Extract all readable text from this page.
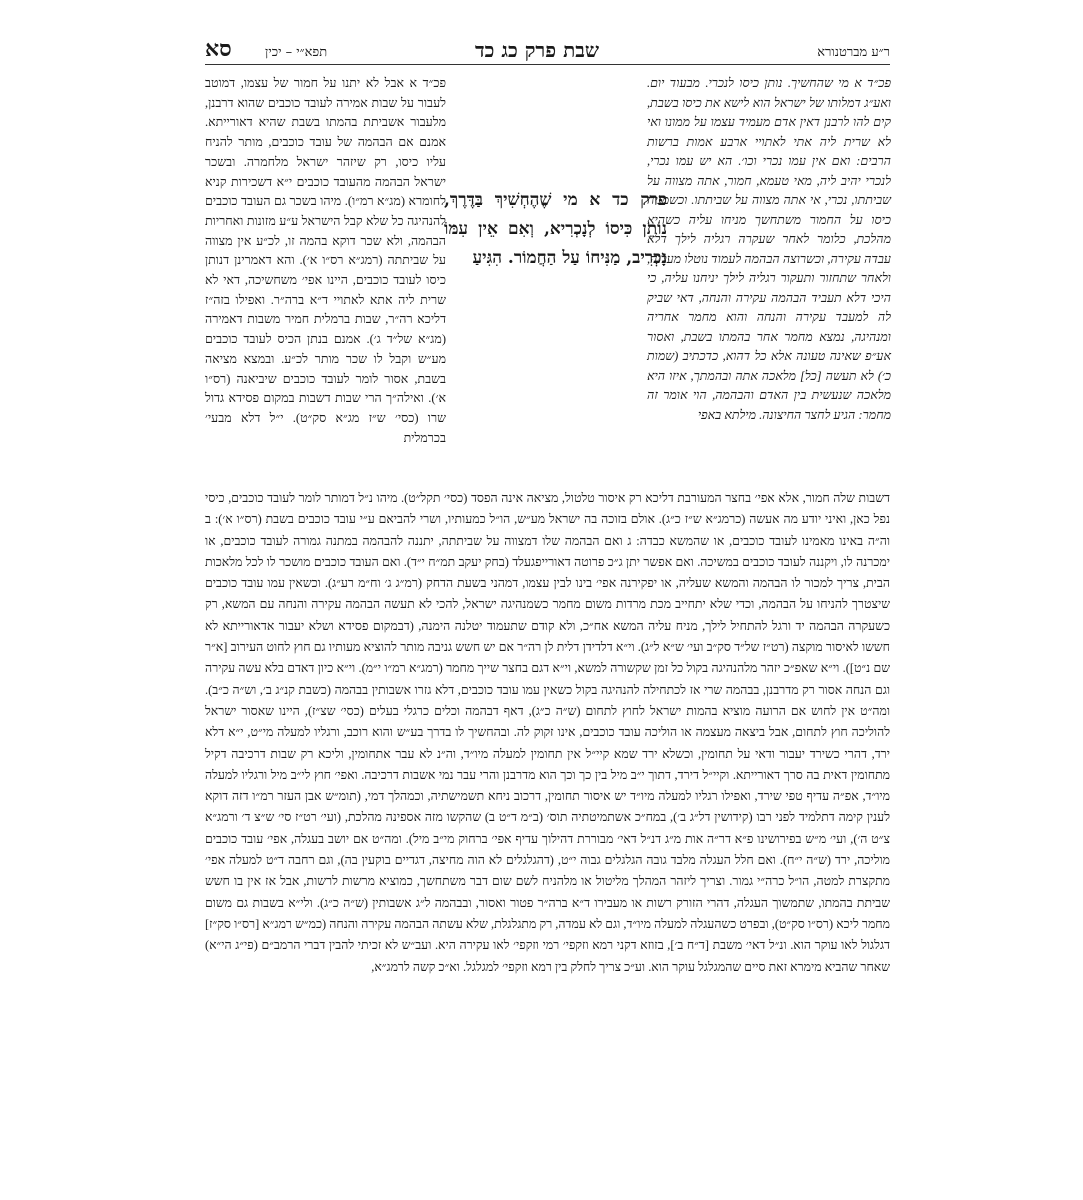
ר״ע מברטנורא
שבת פרק כג כד
תפא״י – יכין
סא

פכ״ד א מי שהחשיך. נותן כיסו לנכרי. מבעוד יום. ואע״ג דמלותו של ישראל הוא לישא את כיסו בשבת, קים להו לרבנן דאין אדם מעמיד עצמו על ממונו ואי לא שרית ליה אתי לאתויי ארבע אמות ברשות הרבים: ואם אין עמו נכרי וכו׳. הא יש עמו נכרי, לנכרי יהיב ליה, מאי טעמא, חמור, אתה מצווה על שביתתו, נכרי, אי אתה מצווה על שביתתו. וכשמניח כיסו על החמור משתחשך מניחו עליה כשהיא מהלכת, כלומר לאחר שעקרה רגליה לילך דלא עבדה עקירה, וכשרוצה הבהמה לעמוד נוטלו מעליה, ולאחר שתחזור ותעקור רגליה לילך יניחנו עליה, כי היכי דלא תעביד הבהמה עקירה והנחה, דאי שביק לה למעבד עקירה והנחה והוא מחמר אחריה ומנהיגה, נמצא מחמר אחר בהמתו בשבת, ואסור אע״פ שאינה טעונה אלא כל דהוא, כדכתיב (שמות כ׳) לא תעשה [כל] מלאכה אתה ובהמתך, איזו היא מלאכה שנעשית בין האדם והבהמה, הוי אומר זה מחמר: הגיע לחצר החיצונה. מילתא באפי

פרק כד א מי שֶׁהֶחְשִׁיךְ בַּדֶּרֶךְ, נוֹתֵן כִּיסוֹ לְנָכְרִיא, וְאִם אֵין עִמּוֹ נָכְרִיב, מַנִּיחוֹ עַל הַחֲמוֹר. הִגִּיעַ

פכ״ד א אבל לא יתנו על חמור של עצמו, דמוטב לעבור על שבות אמירה לעובד כוכבים שהוא דרבנן, מלעבור אשביתת בהמתו בשבת שהיא דאורייתא. אמנם אם הבהמה של עובד כוכבים, מותר להניח עליו כיסו, רק שיזהר ישראל מלחמרה. ובשכר ישראל הבהמה מהעובד כוכבים י״א דשכירות קניא לחומרא (מג״א רמ״ו). מיהו בשכר גם העובד כוכבים להנהיגה כל שלא קבל הישראל ע״ע מזונות ואחריות הבהמה, ולא שכר דוקא בהמה זו, לכ״ע אין מצווה על שביתתה (רמג״א רס״ו א׳). והא דאמרינן דנותן כיסו לעובד כוכבים, היינו אפי׳ משחשיכה, דאי לא שרית ליה אתא לאתויי ד״א ברה״ר. ואפילו בזה״ז דליכא רה״ר, שבות ברמלית חמיר משבות דאמירה (מג״א של״ד ג׳). אמנם בנתן הכיס לעובד כוכבים מע״ש וקבל לו שכר מותר לכ״ע. ובמצא מציאה בשבת, אסור לומר לעובד כוכבים שיביאנה (רס״ו א׳). ואילה״ך הרי שבות דשבות במקום פסידא גדול שרו (כסי׳ ש״ז מג״א סק״ט). י״ל דלא מבעי׳ בכרמלית

דשבות שלה חמור, אלא אפי׳ בחצר המעורבת דליכא רק איסור טלטול, מציאה אינה הפסד (כסי׳ תקל״ט). מיהו נ״ל דמותר לומר לעובד כוכבים, כיסי נפל כאן, ואיני יודע מה אעשה (כרמג״א ש״ז כ״ג). אולם בזוכה בה ישראל מע״ש, הו״ל כמעותיו, ושרי להביאם ע״י עובד כוכבים בשבת (רס״ו א׳): ב וה״ה באינו מאמינו לעובד כוכבים, או שהמשא כבדה: ג ואם הבהמה שלו דמצווה על שביתתה, יתננה להבהמה במתנה גמורה לעובד כוכבים, או ימכרנה לו, ויקננה לעובד כוכבים במשיכה. ואם אפשר יתן ג״כ פרוטה דאורייפגעלד (בחק יעקב תמ״ח י״ד). ואם העובד כוכבים מושכר לו לכל מלאכות הבית, צריך למכור לו הבהמה והמשא שעליה, או יפקירנה אפי׳ בינו לבין עצמו, דמהני בשעת הדחק (רמ״ג ג׳ וח״מ רע״ג). וכשאין עמו עובד כוכבים שיצטרך להניחו על הבהמה, וכדי שלא יתחייב מכת מרדות משום מחמר כשמנהיגה ישראל, להכי לא תעשה הבהמה עקירה והנחה עם המשא, רק כשעקרה הבהמה יד ורגל להתחיל לילך, מניח עליה המשא אח״כ, ולא קודם שתעמוד יטלנה הימנה, (דבמקום פסידא ושלא יעבור אדאורייתא לא חששו לאיסור מוקצה (רט״ז של״ד סק״ב ועי׳ ש״א ל״ג). וי״א דלדידן דלית לן רה״ר אם יש חשש גניבה מותר להוציא מעותיו גם חוץ לחוט העירוב [א״ר שם נ״ט]). וי״א שאפ״כ יזהר מלהנהיגה בקול כל זמן שקשורה למשא, וי״א דגם בחצר שייך מחמר (רמג״א רמ״ו י״מ). וי״א כיון דאדם בלא עשה עקירה וגם הנחה אסור רק מדרבנן, בבהמה שרי אז לכתחילה להנהיגה בקול כשאין עמו עובד כוכבים, דלא גזרו אשבותין בבהמה (כשבת קנ״ג ב׳, וש״ה כ״ב). ומה״ט אין לחוש אם הרועה מוציא בהמות ישראל לחוץ לתחום (ש״ה כ״ג), דאף דבהמה וכלים כרגלי בעלים (כסי׳ שצ״ז), היינו שאסור ישראל להוליכה חוץ לתחום, אבל ביצאה מעצמה או הוליכה עובד כוכבים, אינו זקוק לה. ובהחשיך לו בדרך בע״ש והוא רוכב, ורגליו למעלה מי״ט, י״א דלא ירד, דהרי כשירד יעבור ודאי על תחומין, וכשלא ירד שמא קיי״ל אין תחומין למעלה מיו״ד, וה״נ לא עבר אתחומין, וליכא רק שבות דרכיבה דקיל מתחומין דאית בה סרך דאורייתא. וקיי״ל דירד, דתוך י״ב מיל בין כך וכך הוא מדרבנן והרי עבר נמי אשבות דרכיבה. ואפי׳ חוץ לי״ב מיל ורגליו למעלה מיו״ד, אפ״ה עדיף טפי שירד, ואפילו רגליו למעלה מיו״ד יש איסור תחומין, דרכוב ניחא תשמישתיה, וכמהלך דמי, (תומ״ש אבן העזר רמ״ו דזה דוקא לענין קימה דתלמיד לפני רבו (קידושין דל״ג ב׳), במח״כ אשתמיטתיה תוס׳ (ב״מ ד״ט ב) שהקשו מזה אספינה מהלכת, (ועי׳ רט״ז סי׳ ש״צ ד׳ ורמג״א צ״ט ה׳), ועי׳ מ״ש בפירושינו פ״א דר״ה אות מ״ג דנ״ל דאי׳ מבוררת דהילוך עדיף אפי׳ ברחוק מי״ב מיל). ומה״ט אם יושב בעגלה, אפי׳ עובד כוכבים מוליכה, ירד (ש״ה י״ח). ואם חלל העגלה מלבד גובה הגלגלים גבוה י״ט, (דהגלגלים לא הוה מחיצה, דגדיים בוקעין בה), וגם רחבה ד״ט למעלה אפי׳ מתקצרת למטה, הו״ל כרה״י גמור. וצריך ליזהר המהלך מליטול או מלהניח לשם שום דבר משתחשך, כמוציא מרשות לרשות, אבל אז אין בו חשש שביתת בהמתו, שתמשוך העגלה, דהרי הזורק רשות או מעבירו ד״א ברה״ר פטור ואסור, ובבהמה ל״ג אשבותין (ש״ה כ״ג). ולי״א בשבות גם משום מחמר ליכא (רס״ו סק״ט), ובפרט כשהעגלה למעלה מיו״ד, וגם לא עמדה, רק מתגלגלת, שלא עשתה הבהמה עקירה והנחה (כמ״ש רמג״א [רס״ו סק״ז] דגלגול לאו עוקר הוא. ונ״ל דאי׳ משבת [ד״ח ב׳], בזוזא דקני רמא וזקפי׳ רמי וזקפי׳ לאו עקירה היא. ועב״ש לא זכיתי להבין דברי הרמב״ם (פי״ג הי״א) שאחר שהביא מימרא זאת סיים שהמגלגל עוקר הוא. וע״כ צריך לחלק בין רמא וזקפי׳ למגלגל. וא״כ קשה לרמג״א,
